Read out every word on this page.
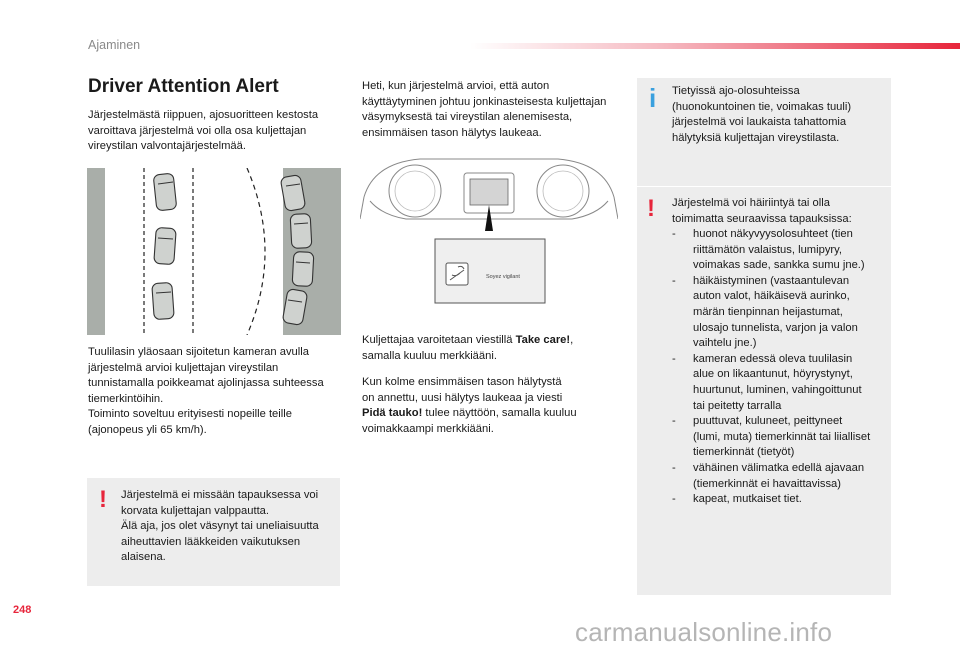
Ajaminen
Driver Attention Alert

Järjestelmästä riippuen, ajosuoritteen kestosta
varoittava järjestelmä voi olla osa kuljettajan
vireystilan valvontajärjestelmää.

Tuulilasin yläosaan sijoitetun kameran avulla
järjestelmä arvioi kuljettajan vireystilan
tunnistamalla poikkeamat ajolinjassa suhteessa
tiemerkintöihin.
Toiminto soveltuu erityisesti nopeille teille
(ajonopeus yli 65 km/h).

! Järjestelmä ei missään tapauksessa voi
korvata kuljettajan valppautta.
Älä aja, jos olet väsynyt tai uneliaisuutta
aiheuttavien lääkkeiden vaikutuksen
alaisena.

Heti, kun järjestelmä arvioi, että auton
käyttäytyminen johtuu jonkinasteisesta kuljettajan
väsymyksestä tai vireystilan alenemisesta,
ensimmäisen tason hälytys laukeaa.

Soyez vigilant

Kuljettajaa varoitetaan viestillä Take care!,
samalla kuuluu merkkiääni.

Kun kolme ensimmäisen tason hälytystä
on annettu, uusi hälytys laukeaa ja viesti
Pidä tauko! tulee näyttöön, samalla kuuluu
voimakkaampi merkkiääni.

i Tietyissä ajo-olosuhteissa
(huonokuntoinen tie, voimakas tuuli)
järjestelmä voi laukaista tahattomia
hälytyksiä kuljettajan vireystilasta.

! Järjestelmä voi häiriintyä tai olla
toimimatta seuraavissa tapauksissa:

- huonot näkyvyysolosuhteet (tien
riittämätön valaistus, lumipyry,
voimakas sade, sankka sumu jne.)
- häikäistyminen (vastaantulevan
auton valot, häikäisevä aurinko,
märän tienpinnan heijastumat,
ulosajo tunnelista, varjon ja valon
vaihtelu jne.)
- kameran edessä oleva tuulilasin
alue on likaantunut, höyrystynyt,
huurtunut, luminen, vahingoittunut
tai peitetty tarralla
- puuttuvat, kuluneet, peittyneet
(lumi, muta) tiemerkinnät tai liialliset
tiemerkinnät (tietyöt)
- vähäinen välimatka edellä ajavaan
(tiemerkinnät ei havaittavissa)
- kapeat, mutkaiset tiet.
248
carmanualsonline.info
